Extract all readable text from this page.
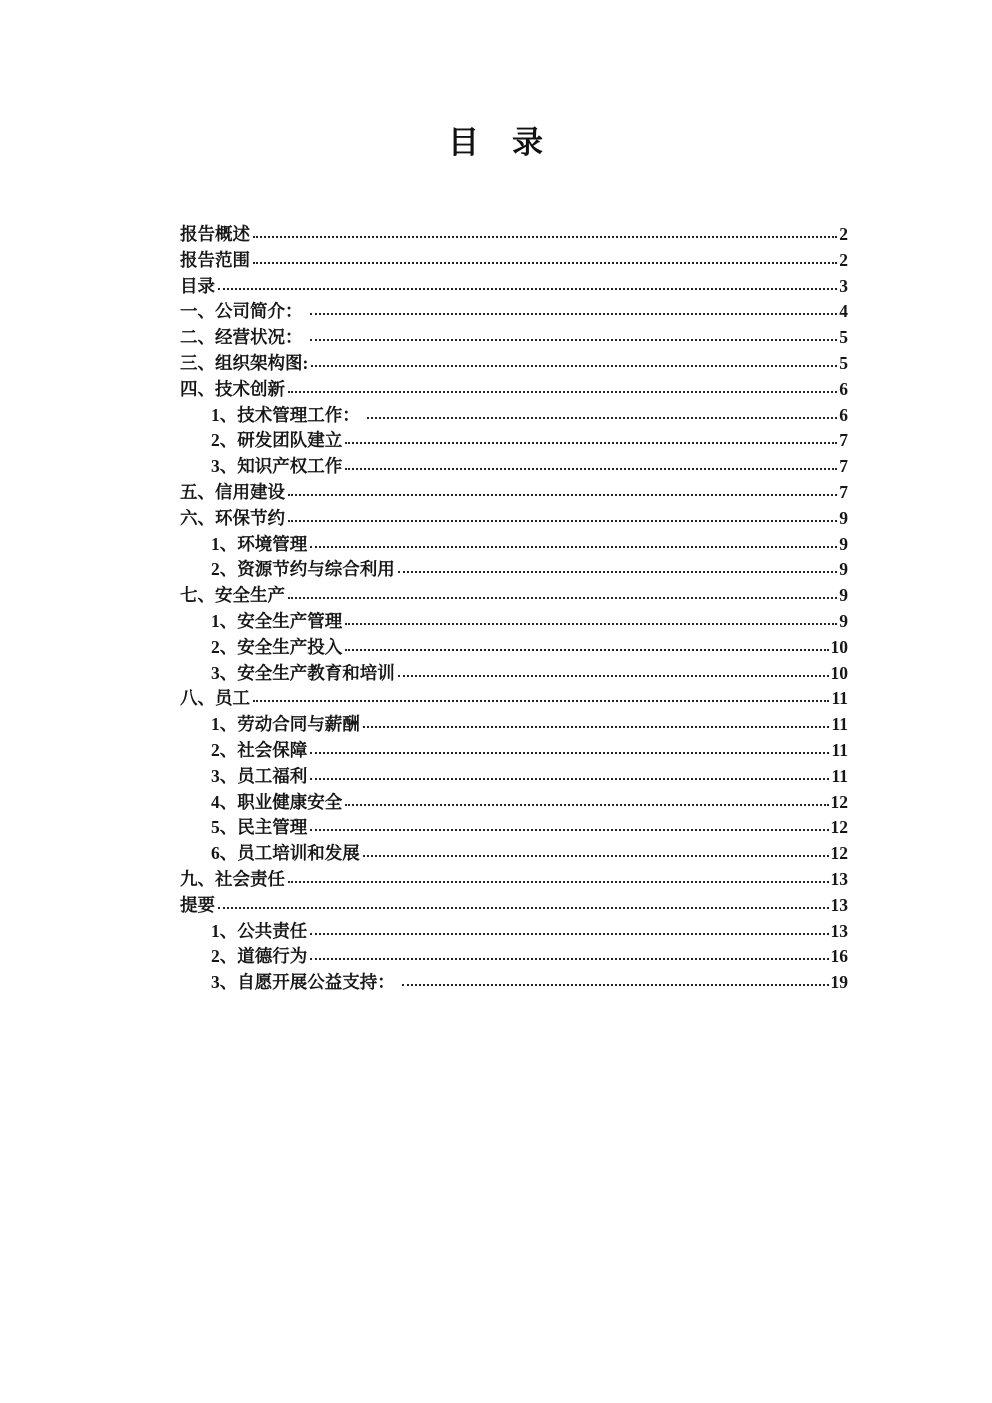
目　录
报告概述	2
报告范围	2
目录	3
一、公司简介：	4
二、经营状况：	5
三、组织架构图:	5
四、技术创新	6
1、技术管理工作：	6
2、研发团队建立	7
3、知识产权工作	7
五、信用建设	7
六、环保节约	9
1、环境管理	9
2、资源节约与综合利用	9
七、安全生产	9
1、安全生产管理	9
2、安全生产投入	10
3、安全生产教育和培训	10
八、员工	11
1、劳动合同与薪酬	11
2、社会保障	11
3、员工福利	11
4、职业健康安全	12
5、民主管理	12
6、员工培训和发展	12
九、社会责任	13
提要	13
1、公共责任	13
2、道德行为	16
3、自愿开展公益支持：	19
